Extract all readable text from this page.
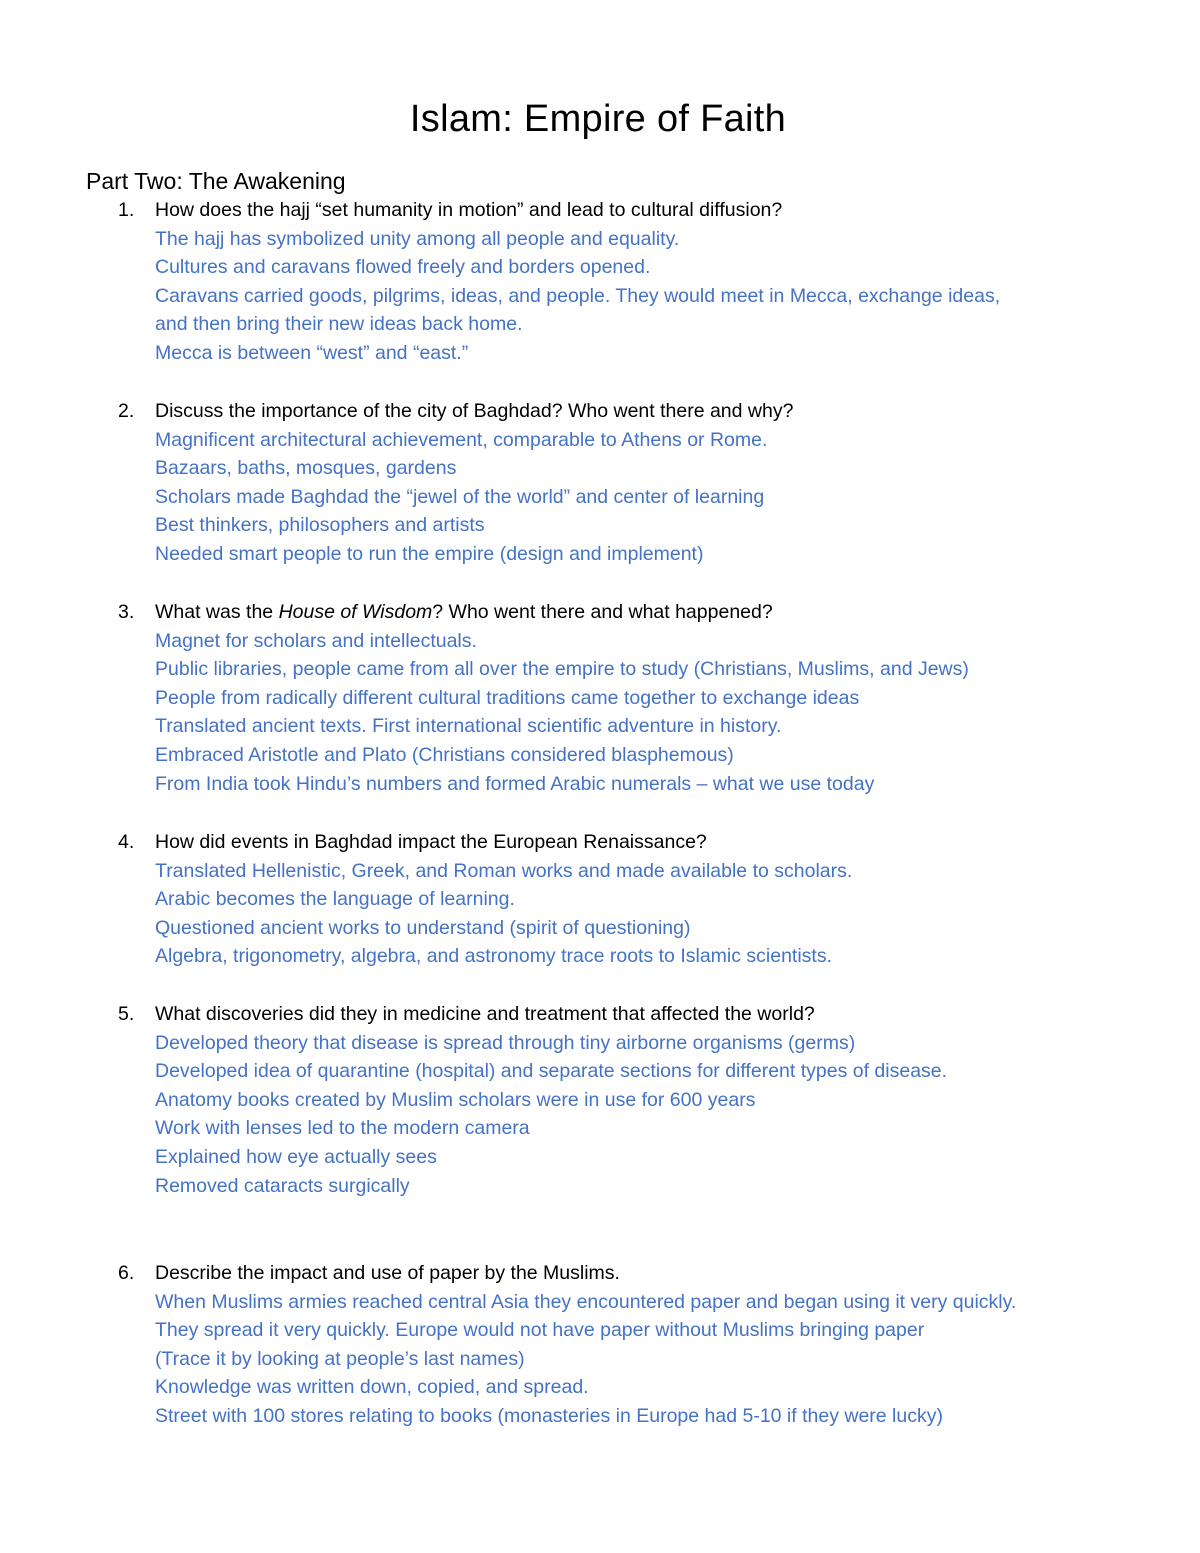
Islam: Empire of Faith
Part Two: The Awakening
1. How does the hajj “set humanity in motion” and lead to cultural diffusion?
The hajj has symbolized unity among all people and equality.
Cultures and caravans flowed freely and borders opened.
Caravans carried goods, pilgrims, ideas, and people. They would meet in Mecca, exchange ideas,
and then bring their new ideas back home.
Mecca is between “west” and “east.”
2. Discuss the importance of the city of Baghdad? Who went there and why?
Magnificent architectural achievement, comparable to Athens or Rome.
Bazaars, baths, mosques, gardens
Scholars made Baghdad the “jewel of the world” and center of learning
Best thinkers, philosophers and artists
Needed smart people to run the empire (design and implement)
3. What was the House of Wisdom? Who went there and what happened?
Magnet for scholars and intellectuals.
Public libraries, people came from all over the empire to study (Christians, Muslims, and Jews)
People from radically different cultural traditions came together to exchange ideas
Translated ancient texts. First international scientific adventure in history.
Embraced Aristotle and Plato (Christians considered blasphemous)
From India took Hindu’s numbers and formed Arabic numerals – what we use today
4. How did events in Baghdad impact the European Renaissance?
Translated Hellenistic, Greek, and Roman works and made available to scholars.
Arabic becomes the language of learning.
Questioned ancient works to understand (spirit of questioning)
Algebra, trigonometry, algebra, and astronomy trace roots to Islamic scientists.
5. What discoveries did they in medicine and treatment that affected the world?
Developed theory that disease is spread through tiny airborne organisms (germs)
Developed idea of quarantine (hospital) and separate sections for different types of disease.
Anatomy books created by Muslim scholars were in use for 600 years
Work with lenses led to the modern camera
Explained how eye actually sees
Removed cataracts surgically
6. Describe the impact and use of paper by the Muslims.
When Muslims armies reached central Asia they encountered paper and began using it very quickly.
They spread it very quickly. Europe would not have paper without Muslims bringing paper
(Trace it by looking at people’s last names)
Knowledge was written down, copied, and spread.
Street with 100 stores relating to books (monasteries in Europe had 5-10 if they were lucky)
